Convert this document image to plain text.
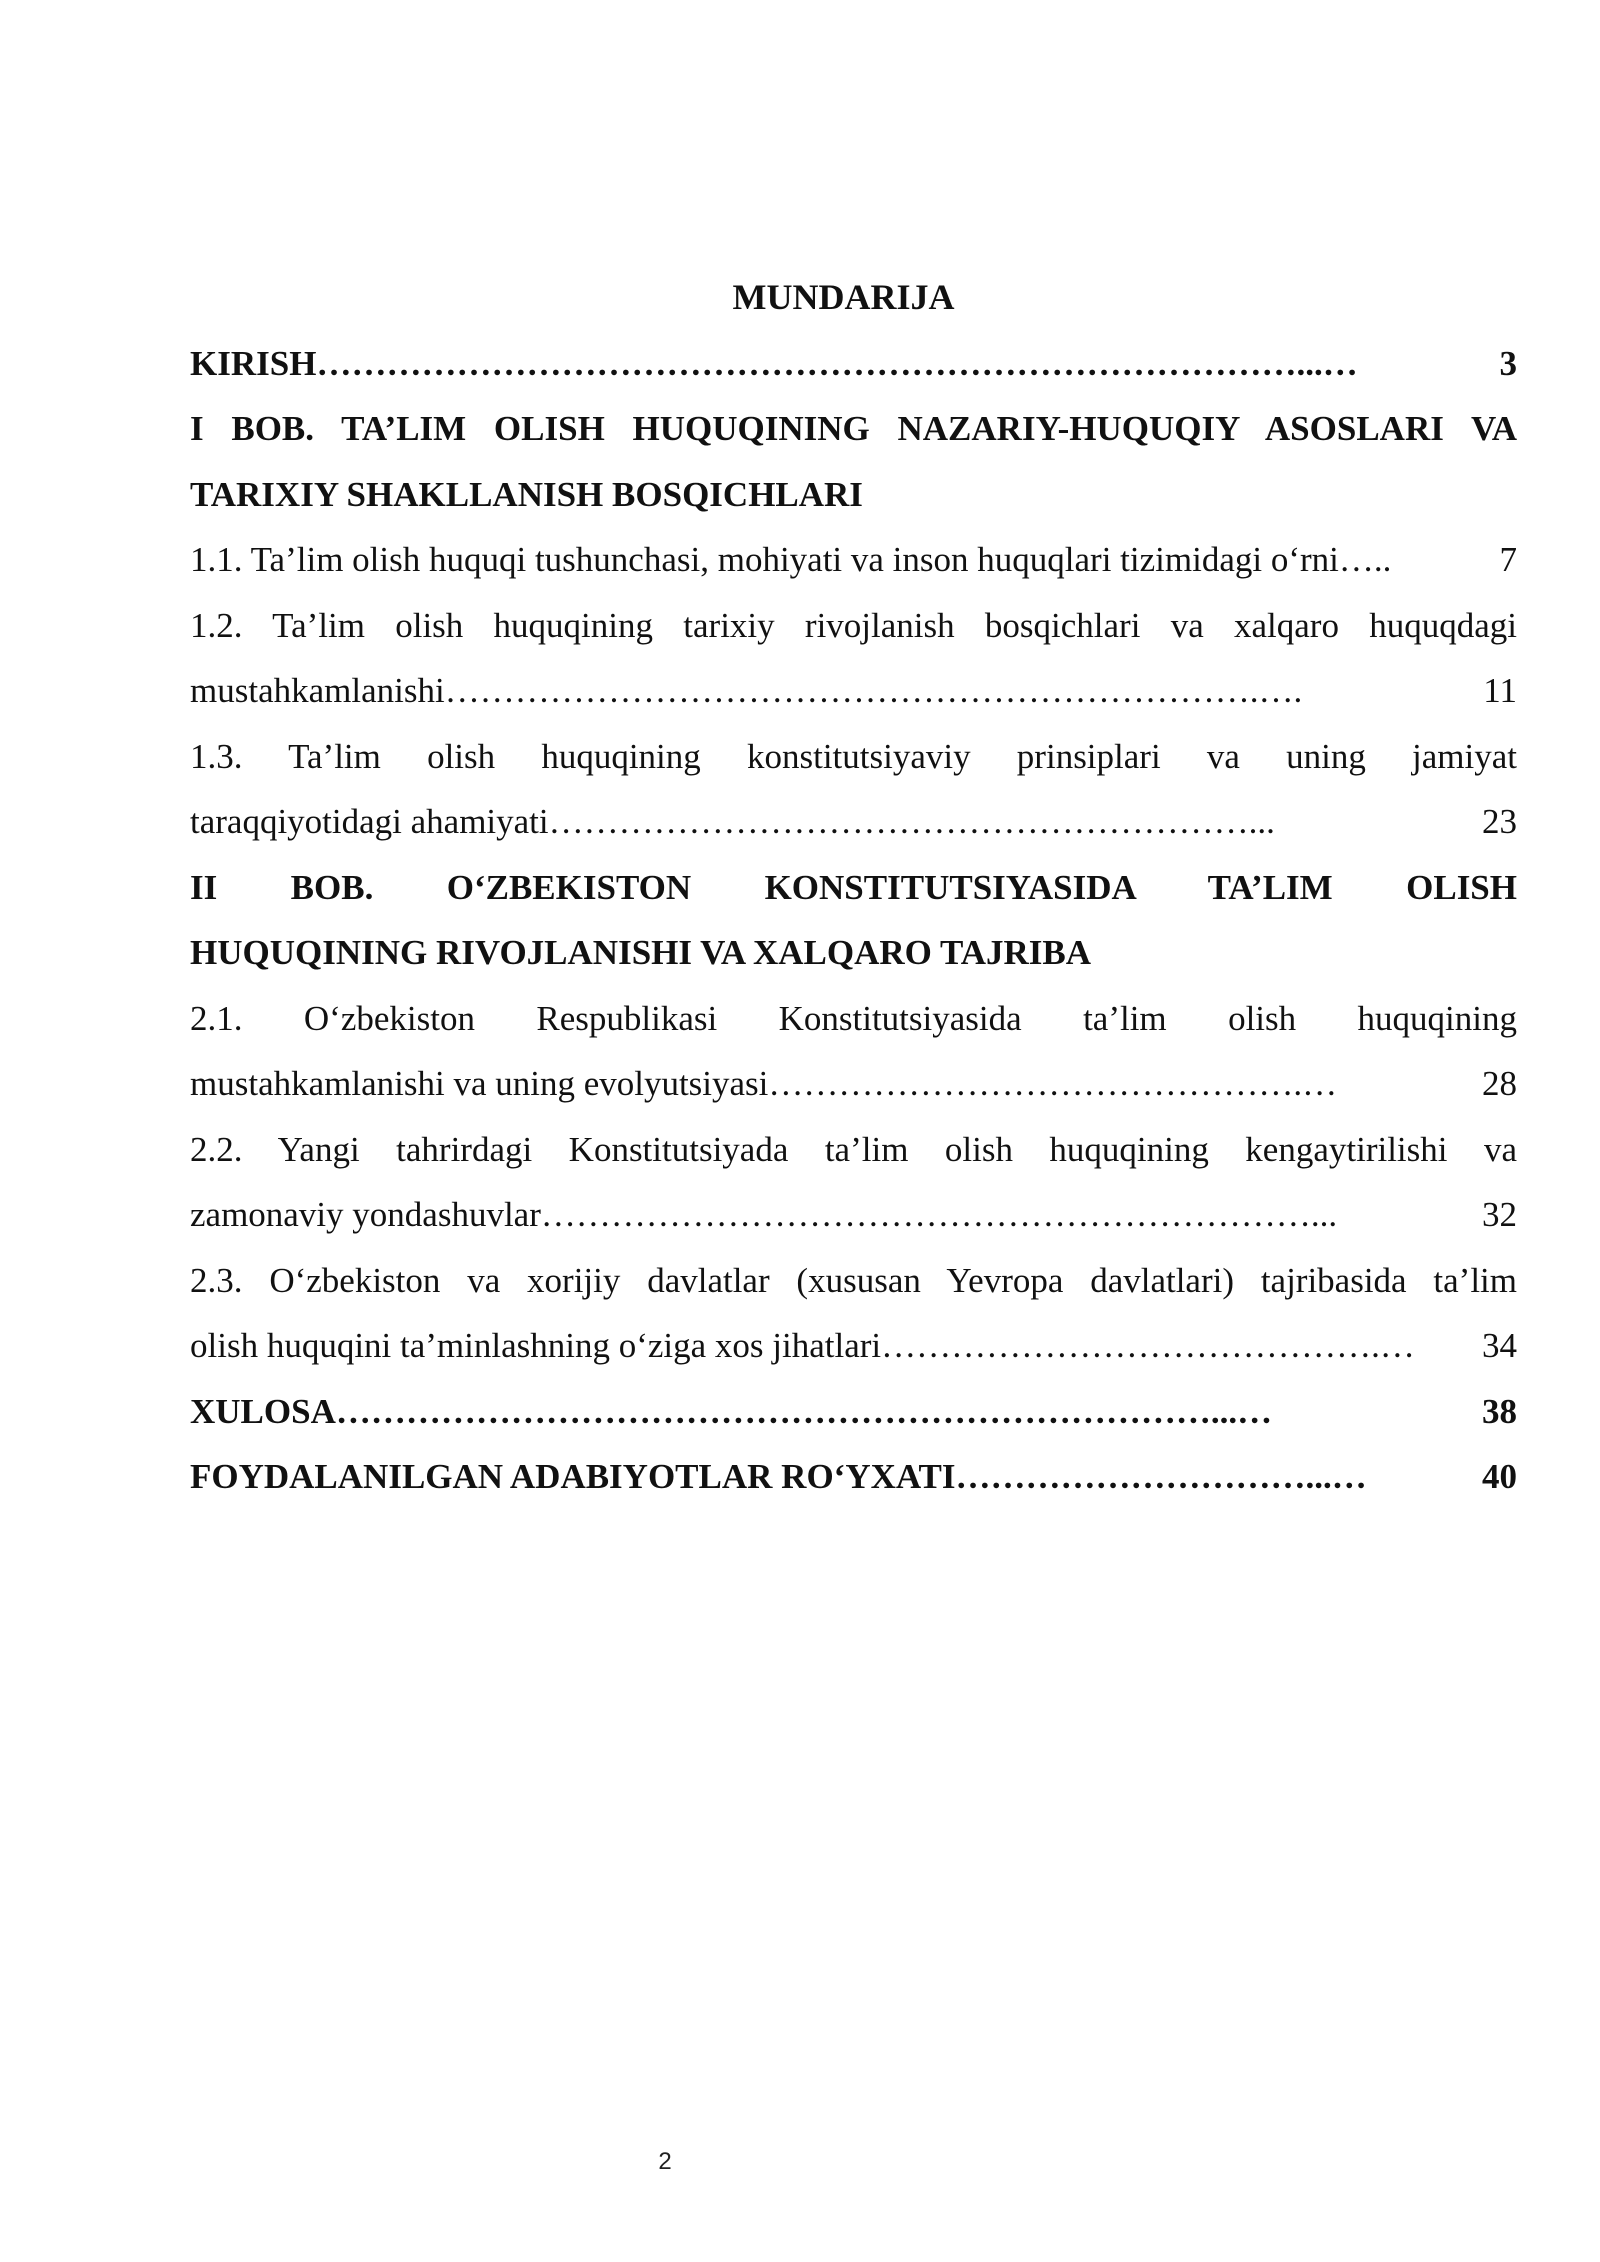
MUNDARIJA
KIRISH …………………………………………………………………………...…	3
I BOB. TA’LIM OLISH HUQUQINING NAZARIY-HUQUQIY ASOSLARI VA
TARIXIY SHAKLLANISH BOSQICHLARI
1.1. Ta’lim olish huquqi tushunchasi, mohiyati va inson huquqlari tizimidagi o‘rni …..	7
1.2. Ta’lim olish huquqining tarixiy rivojlanish bosqichlari va xalqaro huquqdagi
mustahkamlanishi …………………………………………………………….….	11
1.3. Ta’lim olish huquqining konstitutsiyaviy prinsiplari va uning jamiyat
taraqqiyotidagi ahamiyati ……………………………………………………...	23
II BOB. O‘ZBEKISTON KONSTITUTSIYASIDA TA’LIM OLISH
HUQUQINING RIVOJLANISHI VA XALQARO TAJRIBA
2.1. O‘zbekiston Respublikasi Konstitutsiyasida ta’lim olish huquqining
mustahkamlanishi va uning evolyutsiyasi ……………………………………….…	28
2.2. Yangi tahrirdagi Konstitutsiyada ta’lim olish huquqining kengaytirilishi va
zamonaviy yondashuvlar …………………………………………………………...	32
2.3. O‘zbekiston va xorijiy davlatlar (xususan Yevropa davlatlari) tajribasida ta’lim
olish huquqini ta’minlashning o‘ziga xos jihatlari …………………………………….…	34
XULOSA …………………………………………………………………...…	38
FOYDALANILGAN ADABIYOTLAR RO‘YXATI …………………………...…	40
2
